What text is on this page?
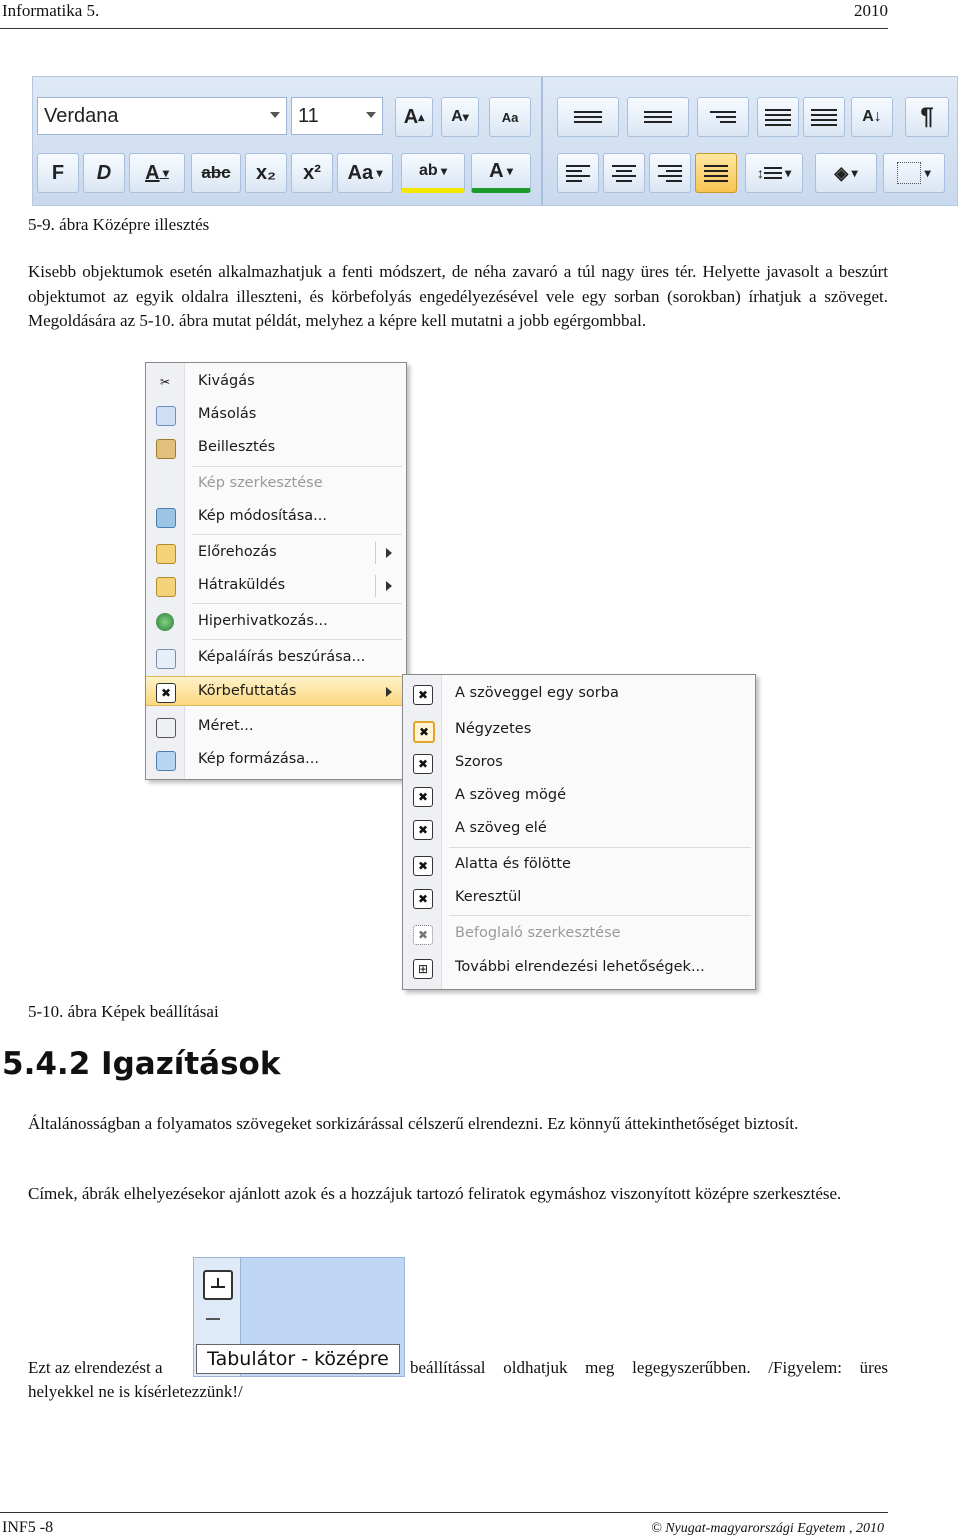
Informatika 5.	2010
Verdana	11	A ▴ A ▾	Aa	A↓ ¶
F D A ▾ abc x₂ x² Aa ▾ ab ▾ A ▾	↕ ▾ ◈ ▾	▾
5-9. ábra Középre illesztés
Kisebb objektumok esetén alkalmazhatjuk a fenti módszert, de néha zavaró a túl nagy üres tér. Helyette javasolt a beszúrt objektumot az egyik oldalra illeszteni, és körbefolyás engedélyezésével vele egy sorban (sorokban) írhatjuk a szöveget. Megoldására az 5-10. ábra mutat példát, melyhez a képre kell mutatni a jobb egérgombbal.
✂ Kivágás
Másolás
Beillesztés
Kép szerkesztése
Kép módosítása...
Előrehozás
Hátraküldés
Hiperhivatkozás...
Képaláírás beszúrása...
✖	Körbefuttatás
Méret...
Kép formázása...
✖	A szöveggel egy sorba
✖	Négyzetes
✖	Szoros
✖	A szöveg mögé
✖	A szöveg elé
✖	Alatta és fölötte
✖	Keresztül
✖	Befoglaló szerkesztése
⊞	További elrendezési lehetőségek...
5-10. ábra Képek beállításai
5.4.2 Igazítások
Általánosságban a folyamatos szövegeket sorkizárással célszerű elrendezni. Ez könnyű áttekinthetőséget biztosít.
Címek, ábrák elhelyezésekor ajánlott azok és a hozzájuk tartozó feliratok egymáshoz viszonyított középre szerkesztése.
Tabulátor - középre
Ezt az elrendezést a	beállítással oldhatjuk meg legegyszerűbben. /Figyelem: üres
helyekkel ne is kísérletezzünk!/
INF5 -8	© Nyugat-magyarországi Egyetem , 2010
